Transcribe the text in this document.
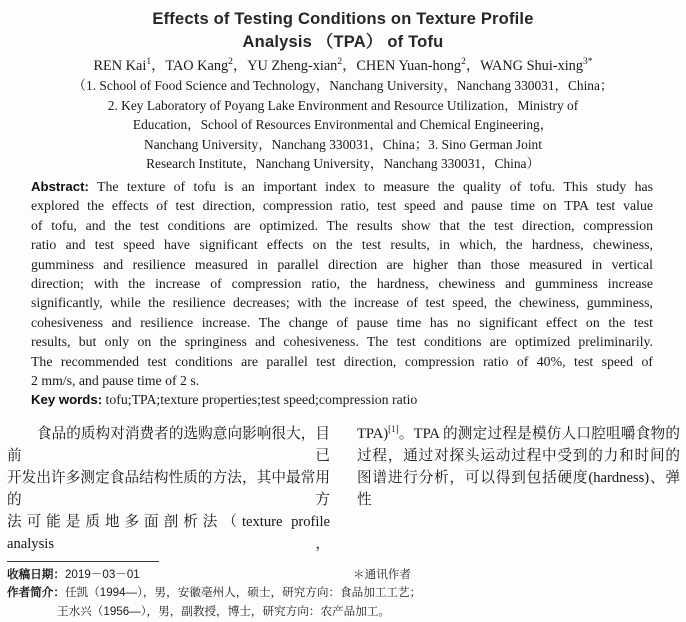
Effects of Testing Conditions on Texture Profile
Analysis （TPA） of Tofu
REN Kai$^1$，TAO Kang$^2$，YU Zheng-xian$^2$，CHEN Yuan-hong$^2$，WANG Shui-xing$^{3*}$
（1. School of Food Science and Technology，Nanchang University，Nanchang 330031，China；
2. Key Laboratory of Poyang Lake Environment and Resource Utilization，Ministry of
Education，School of Resources Environmental and Chemical Engineering，
Nanchang University，Nanchang 330031，China；3. Sino German Joint
Research Institute，Nanchang University，Nanchang 330031，China）
Abstract: The texture of tofu is an important index to measure the quality of tofu. This study has
explored the effects of test direction, compression ratio, test speed and pause time on TPA test value
of tofu, and the test conditions are optimized. The results show that the test direction, compression
ratio and test speed have significant effects on the test results, in which, the hardness, chewiness,
gumminess and resilience measured in parallel direction are higher than those measured in vertical
direction; with the increase of compression ratio, the hardness, chewiness and gumminess increase
significantly, while the resilience decreases; with the increase of test speed, the chewiness, gumminess,
cohesiveness and resilience increase. The change of pause time has no significant effect on the test
results, but only on the springiness and cohesiveness. The test conditions are optimized preliminarily.
The recommended test conditions are parallel test direction, compression ratio of 40%, test speed of
2 mm/s, and pause time of 2 s.
Key words: tofu;TPA;texture properties;test speed;compression ratio
食品的质构对消费者的选购意向影响很大，目前已
开发出许多测定食品结构性质的方法，其中最常用的方
法可能是质地多面剖析法（texture profile analysis，
TPA)[1]。TPA 的测定过程是模仿人口腔咀嚼食物的
过程，通过对探头运动过程中受到的力和时间的
图谱进行分析，可以得到包括硬度(hardness)、弹性
收稿日期：2019－03－01	＊通讯作者
作者简介：任凯（1994—），男，安徽亳州人，硕士，研究方向：食品加工工艺；
王水兴（1956—），男，副教授，博士，研究方向：农产品加工。
